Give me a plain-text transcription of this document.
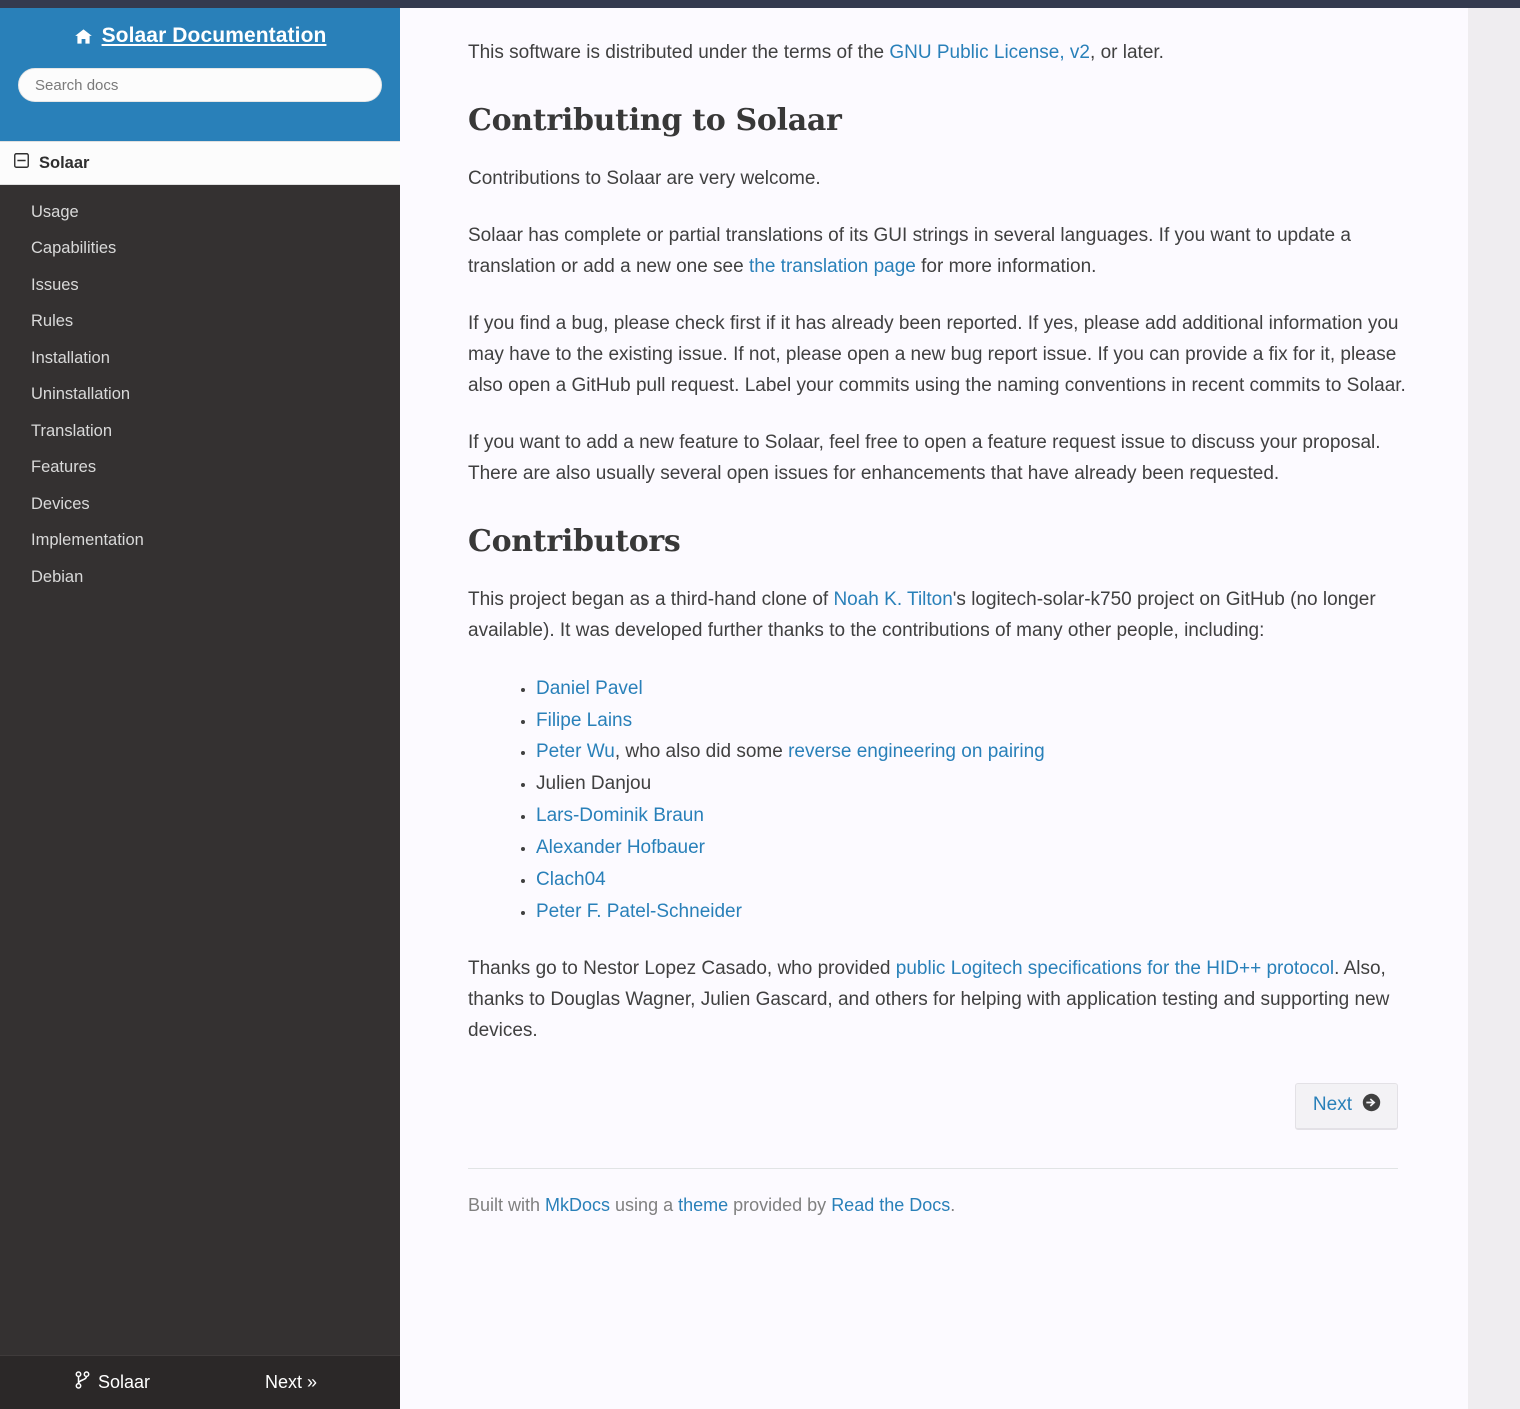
Solaar Documentation
Search docs
Solaar
Usage
Capabilities
Issues
Rules
Installation
Uninstallation
Translation
Features
Devices
Implementation
Debian
Solaar	Next »

This software is distributed under the terms of the GNU Public License, v2, or later.

Contributing to Solaar

Contributions to Solaar are very welcome.

Solaar has complete or partial translations of its GUI strings in several languages. If you want to update a translation or add a new one see the translation page for more information.

If you find a bug, please check first if it has already been reported. If yes, please add additional information you may have to the existing issue. If not, please open a new bug report issue. If you can provide a fix for it, please also open a GitHub pull request. Label your commits using the naming conventions in recent commits to Solaar.

If you want to add a new feature to Solaar, feel free to open a feature request issue to discuss your proposal. There are also usually several open issues for enhancements that have already been requested.

Contributors

This project began as a third-hand clone of Noah K. Tilton's logitech-solar-k750 project on GitHub (no longer available). It was developed further thanks to the contributions of many other people, including:

• Daniel Pavel
• Filipe Lains
• Peter Wu, who also did some reverse engineering on pairing
• Julien Danjou
• Lars-Dominik Braun
• Alexander Hofbauer
• Clach04
• Peter F. Patel-Schneider

Thanks go to Nestor Lopez Casado, who provided public Logitech specifications for the HID++ protocol. Also, thanks to Douglas Wagner, Julien Gascard, and others for helping with application testing and supporting new devices.

Next
Built with MkDocs using a theme provided by Read the Docs.
